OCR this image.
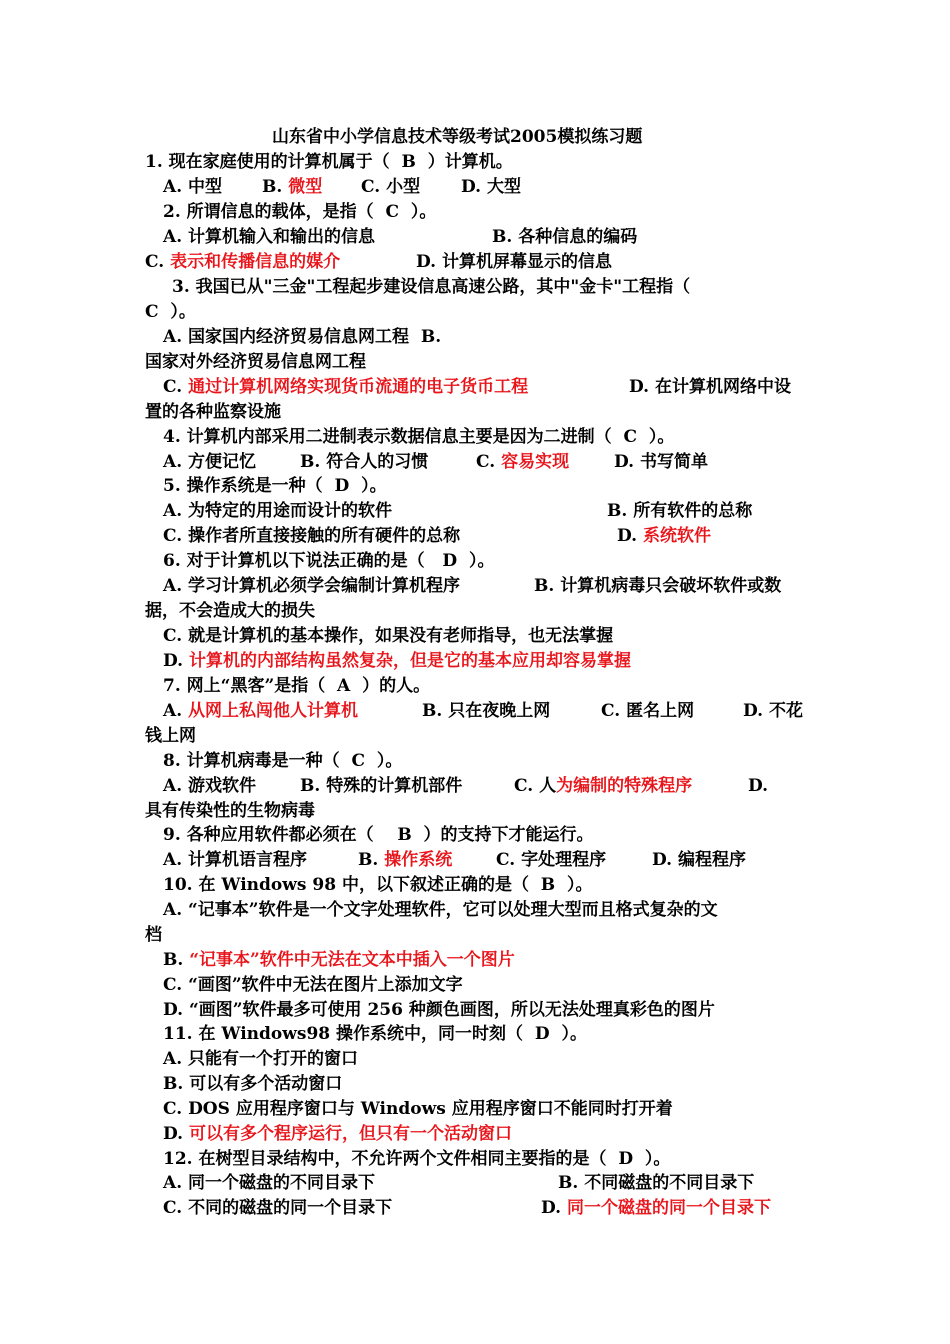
山东省中小学信息技术等级考试2005模拟练习题
1. 现在家庭使用的计算机属于（  B  ）计算机。
A. 中型 B. 微型 C. 小型 D. 大型
2. 所谓信息的载体，是指（  C  ）。
A. 计算机输入和输出的信息	B. 各种信息的编码
C. 表示和传播信息的媒介	D. 计算机屏幕显示的信息
3. 我国已从"三金"工程起步建设信息高速公路，其中"金卡"工程指（
C  ）。
A. 国家国内经济贸易信息网工程  B.
国家对外经济贸易信息网工程
C. 通过计算机网络实现货币流通的电子货币工程	D. 在计算机网络中设
置的各种监察设施
4. 计算机内部采用二进制表示数据信息主要是因为二进制（  C  ）。
A. 方便记忆	B. 符合人的习惯	C. 容易实现	D. 书写简单
5. 操作系统是一种（  D  ）。
A. 为特定的用途而设计的软件	B. 所有软件的总称
C. 操作者所直接接触的所有硬件的总称	D. 系统软件
6. 对于计算机以下说法正确的是（   D  ）。
A. 学习计算机必须学会编制计算机程序	B. 计算机病毒只会破坏软件或数
据，不会造成大的损失
C. 就是计算机的基本操作，如果没有老师指导，也无法掌握
D. 计算机的内部结构虽然复杂，但是它的基本应用却容易掌握
7. 网上“黑客”是指（  A  ）的人。
A. 从网上私闯他人计算机	B. 只在夜晚上网	C. 匿名上网	D. 不花
钱上网
8. 计算机病毒是一种（  C  ）。
A. 游戏软件	B. 特殊的计算机部件	C. 人为编制的特殊程序	D.
具有传染性的生物病毒
9. 各种应用软件都必须在（    B  ）的支持下才能运行。
A. 计算机语言程序	B. 操作系统	C. 字处理程序	D. 编程程序
10. 在 Windows 98 中，以下叙述正确的是（  B  ）。
A. “记事本”软件是一个文字处理软件，它可以处理大型而且格式复杂的文
档
B. “记事本”软件中无法在文本中插入一个图片
C. “画图”软件中无法在图片上添加文字
D. “画图”软件最多可使用 256 种颜色画图，所以无法处理真彩色的图片
11. 在 Windows98 操作系统中，同一时刻（  D  ）。
A. 只能有一个打开的窗口
B. 可以有多个活动窗口
C. DOS 应用程序窗口与 Windows 应用程序窗口不能同时打开着
D. 可以有多个程序运行，但只有一个活动窗口
12. 在树型目录结构中，不允许两个文件相同主要指的是（  D  ）。
A. 同一个磁盘的不同目录下	B. 不同磁盘的不同目录下
C. 不同的磁盘的同一个目录下	D. 同一个磁盘的同一个目录下
